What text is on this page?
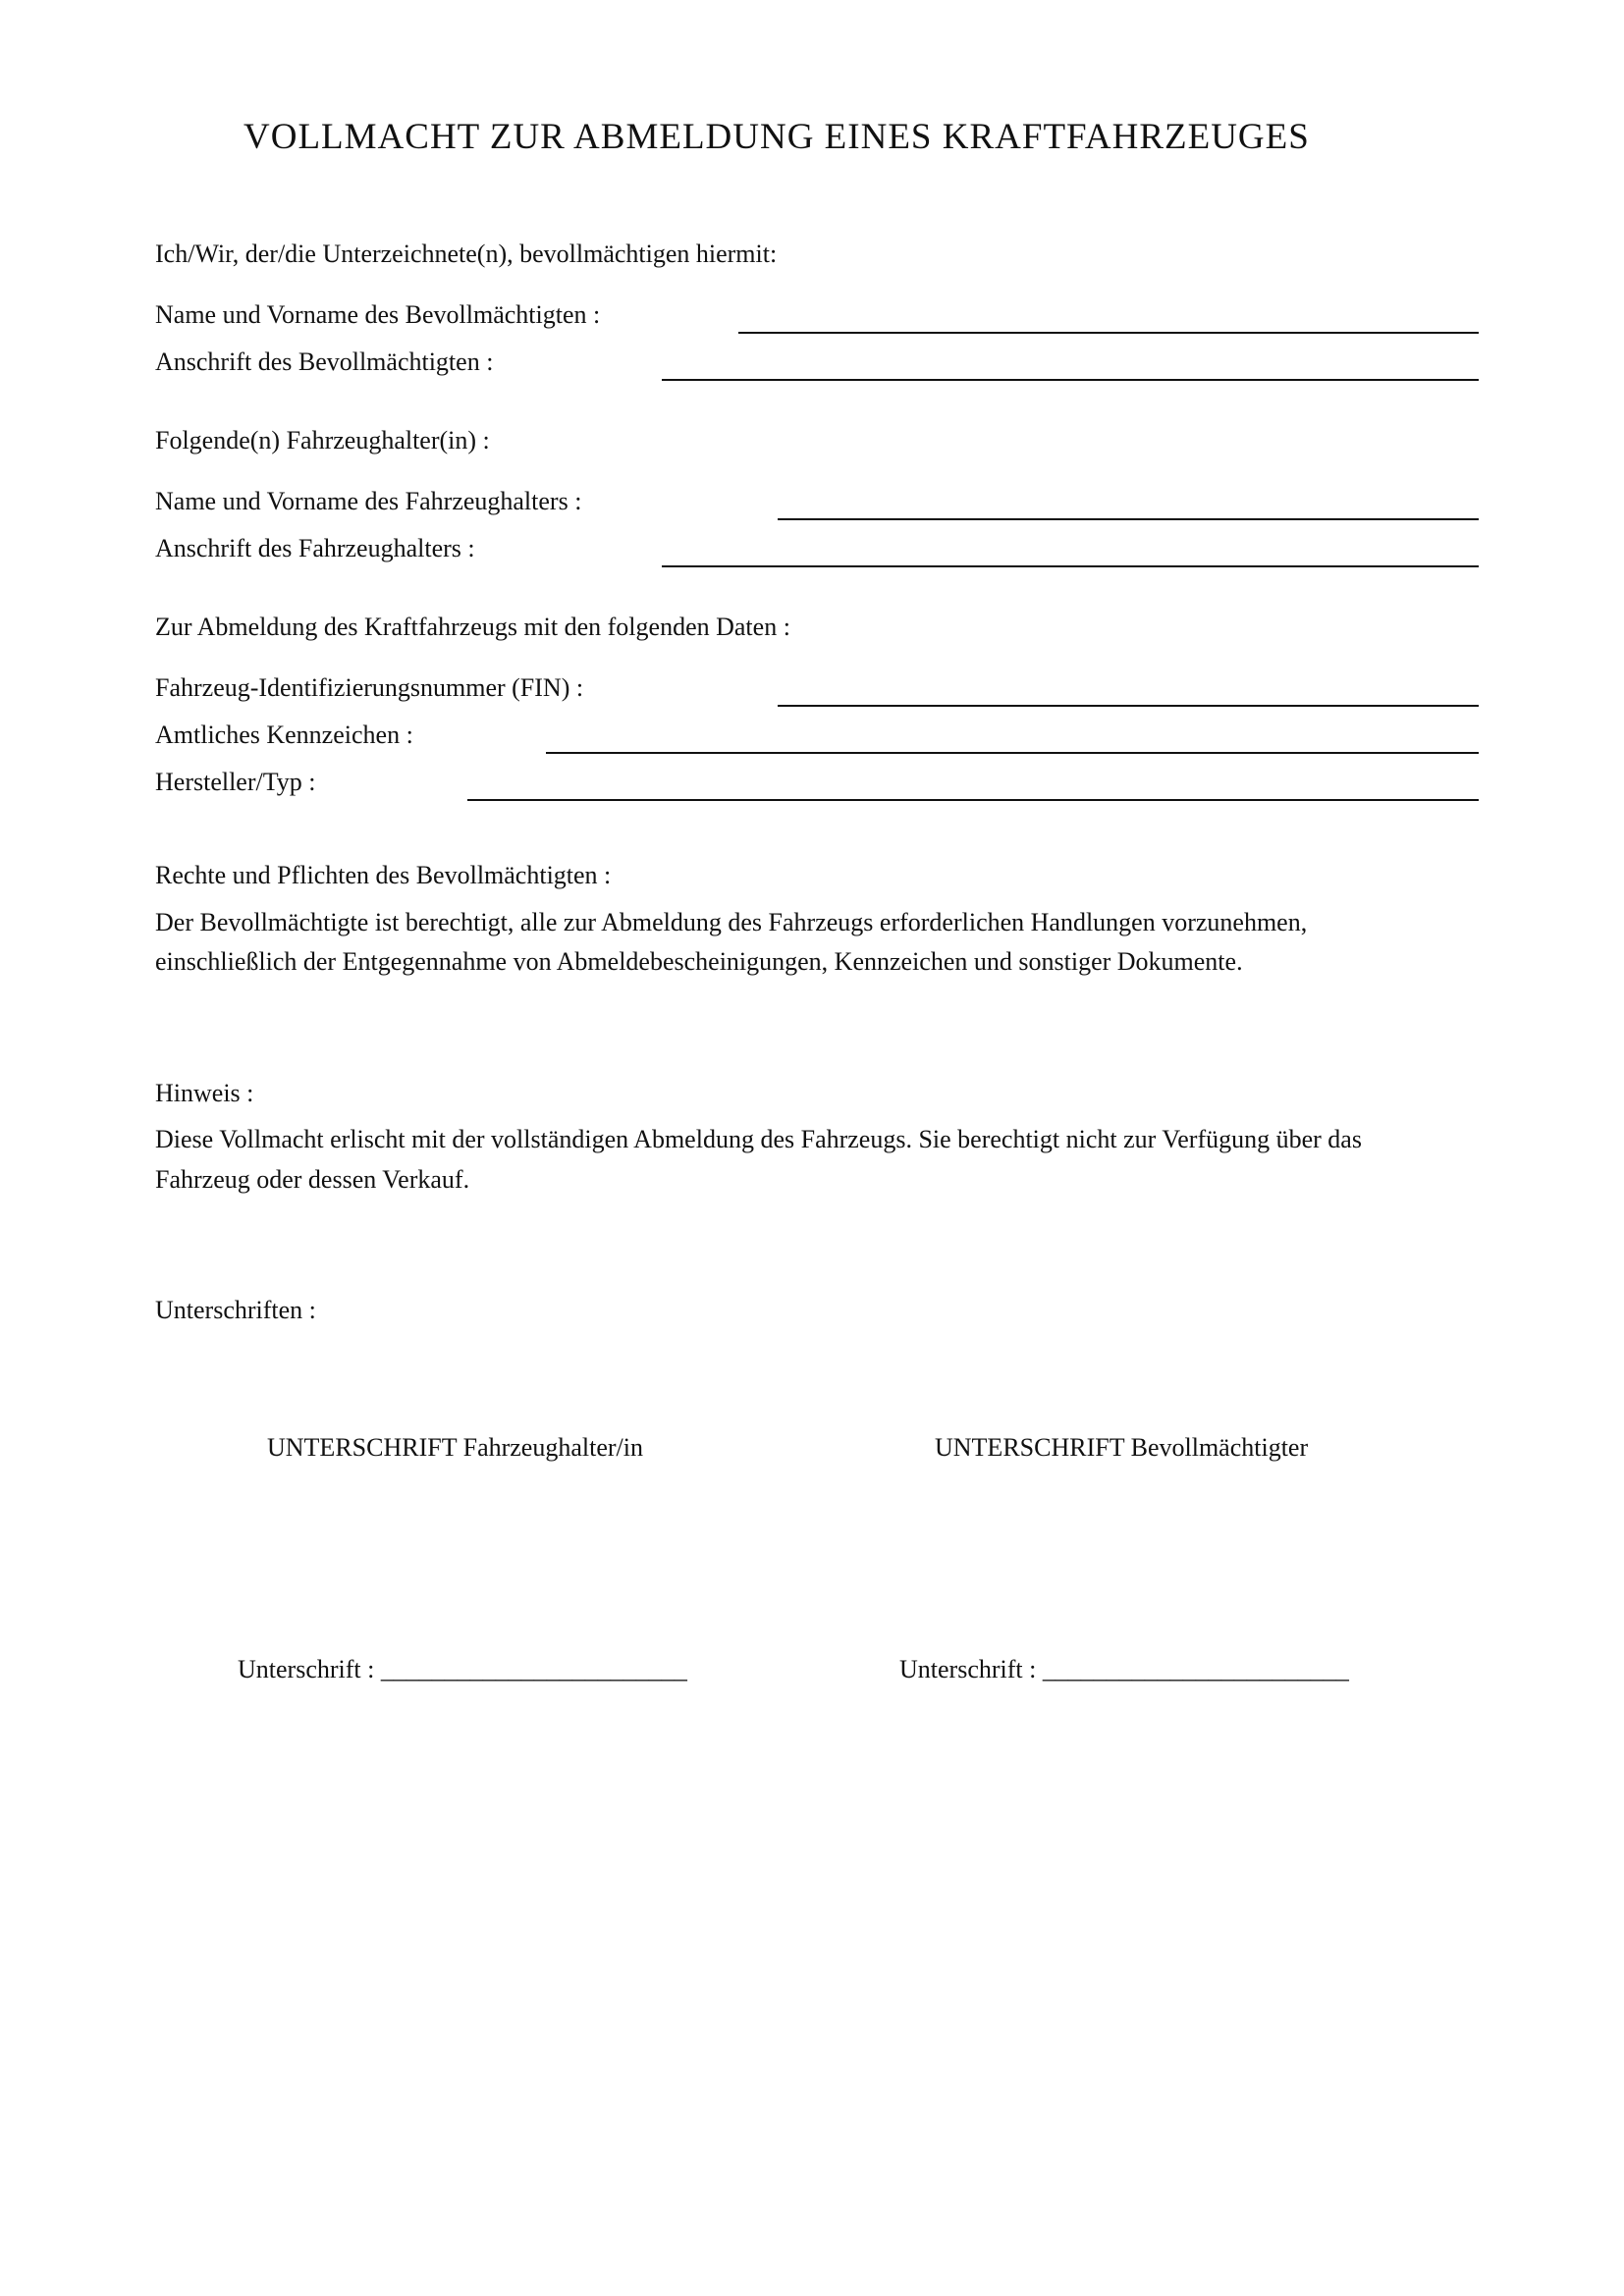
VOLLMACHT ZUR ABMELDUNG EINES KRAFTFAHRZEUGES
Ich/Wir, der/die Unterzeichnete(n), bevollmächtigen hiermit:
Name und Vorname des Bevollmächtigten :
Anschrift des Bevollmächtigten :
Folgende(n) Fahrzeughalter(in) :
Name und Vorname des Fahrzeughalters :
Anschrift des Fahrzeughalters :
Zur Abmeldung des Kraftfahrzeugs mit den folgenden Daten :
Fahrzeug-Identifizierungsnummer (FIN) :
Amtliches Kennzeichen :
Hersteller/Typ :
Rechte und Pflichten des Bevollmächtigten :
Der Bevollmächtigte ist berechtigt, alle zur Abmeldung des Fahrzeugs erforderlichen Handlungen vorzunehmen,
einschließlich der Entgegennahme von Abmeldebescheinigungen, Kennzeichen und sonstiger Dokumente.
Hinweis :
Diese Vollmacht erlischt mit der vollständigen Abmeldung des Fahrzeugs. Sie berechtigt nicht zur Verfügung über das
Fahrzeug oder dessen Verkauf.
Unterschriften :
UNTERSCHRIFT Fahrzeughalter/in	UNTERSCHRIFT Bevollmächtigter
Unterschrift : ________________________	Unterschrift : ________________________
